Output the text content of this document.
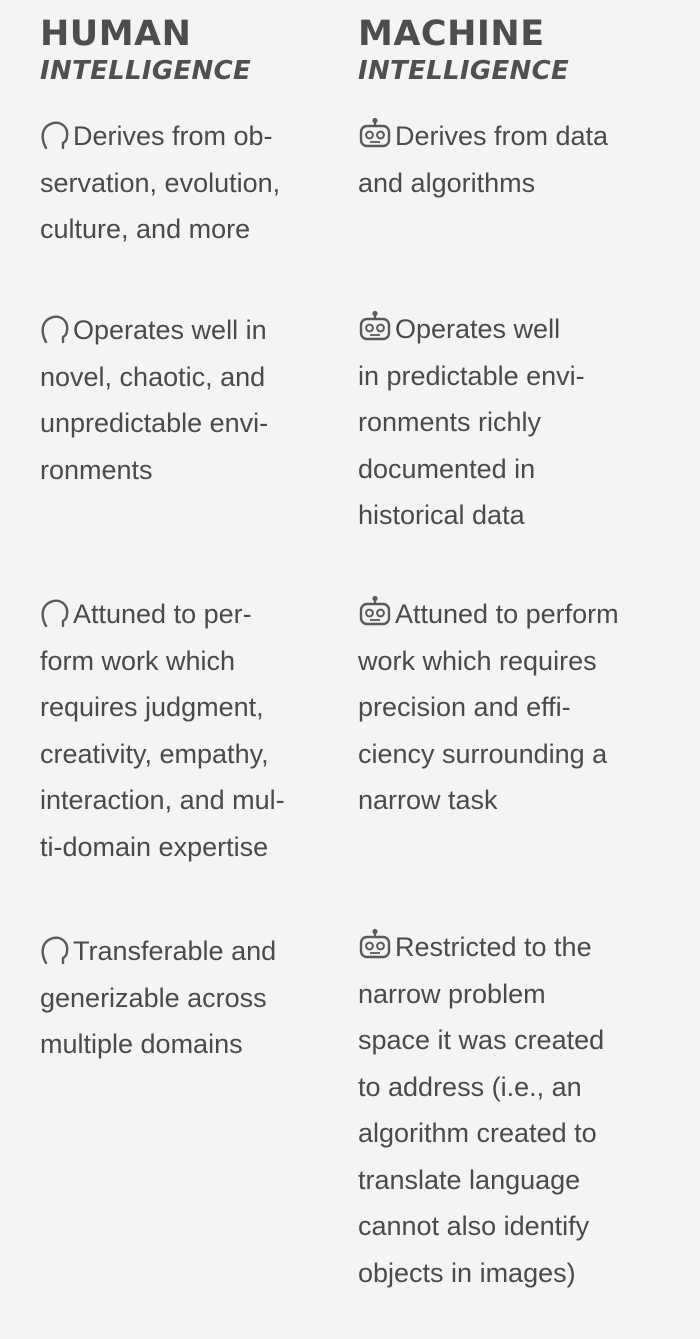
HUMAN
INTELLIGENCE

Derives from ob-
servation, evolution,
culture, and more

Operates well in
novel, chaotic, and
unpredictable envi-
ronments

Attuned to per-
form work which
requires judgment,
creativity, empathy,
interaction, and mul-
ti-domain expertise

Transferable and
generizable across
multiple domains

MACHINE
INTELLIGENCE

Derives from data
and algorithms

Operates well
in predictable envi-
ronments richly
documented in
historical data

Attuned to perform
work which requires
precision and effi-
ciency surrounding a
narrow task

Restricted to the
narrow problem
space it was created
to address (i.e., an
algorithm created to
translate language
cannot also identify
objects in images)
